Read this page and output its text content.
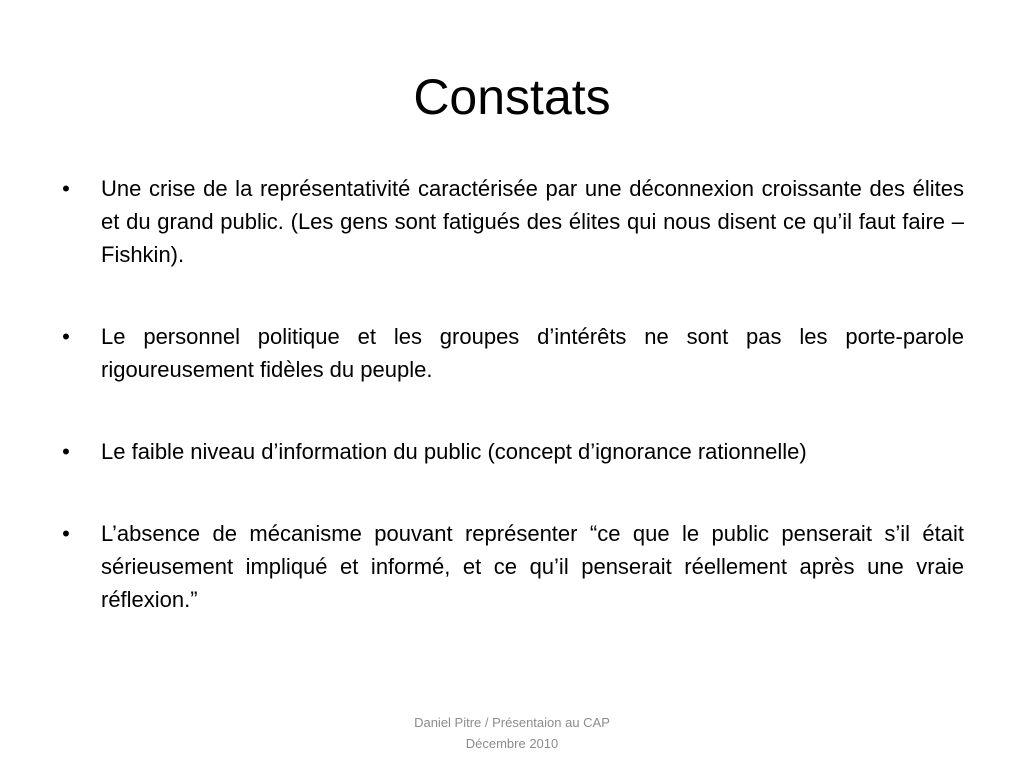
Constats
• Une crise de la représentativité caractérisée par une déconnexion croissante des élites et du grand public. (Les gens sont fatigués des élites qui nous disent ce qu’il faut faire – Fishkin).
• Le personnel politique et les groupes d’intérêts ne sont pas les porte-parole rigoureusement fidèles du peuple.
• Le faible niveau d’information du public (concept d’ignorance rationnelle)
• L’absence de mécanisme pouvant représenter “ce que le public penserait s’il était sérieusement impliqué et informé, et ce qu’il penserait réellement après une vraie réflexion.”
Daniel Pitre / Présentaion au CAP
Décembre 2010
